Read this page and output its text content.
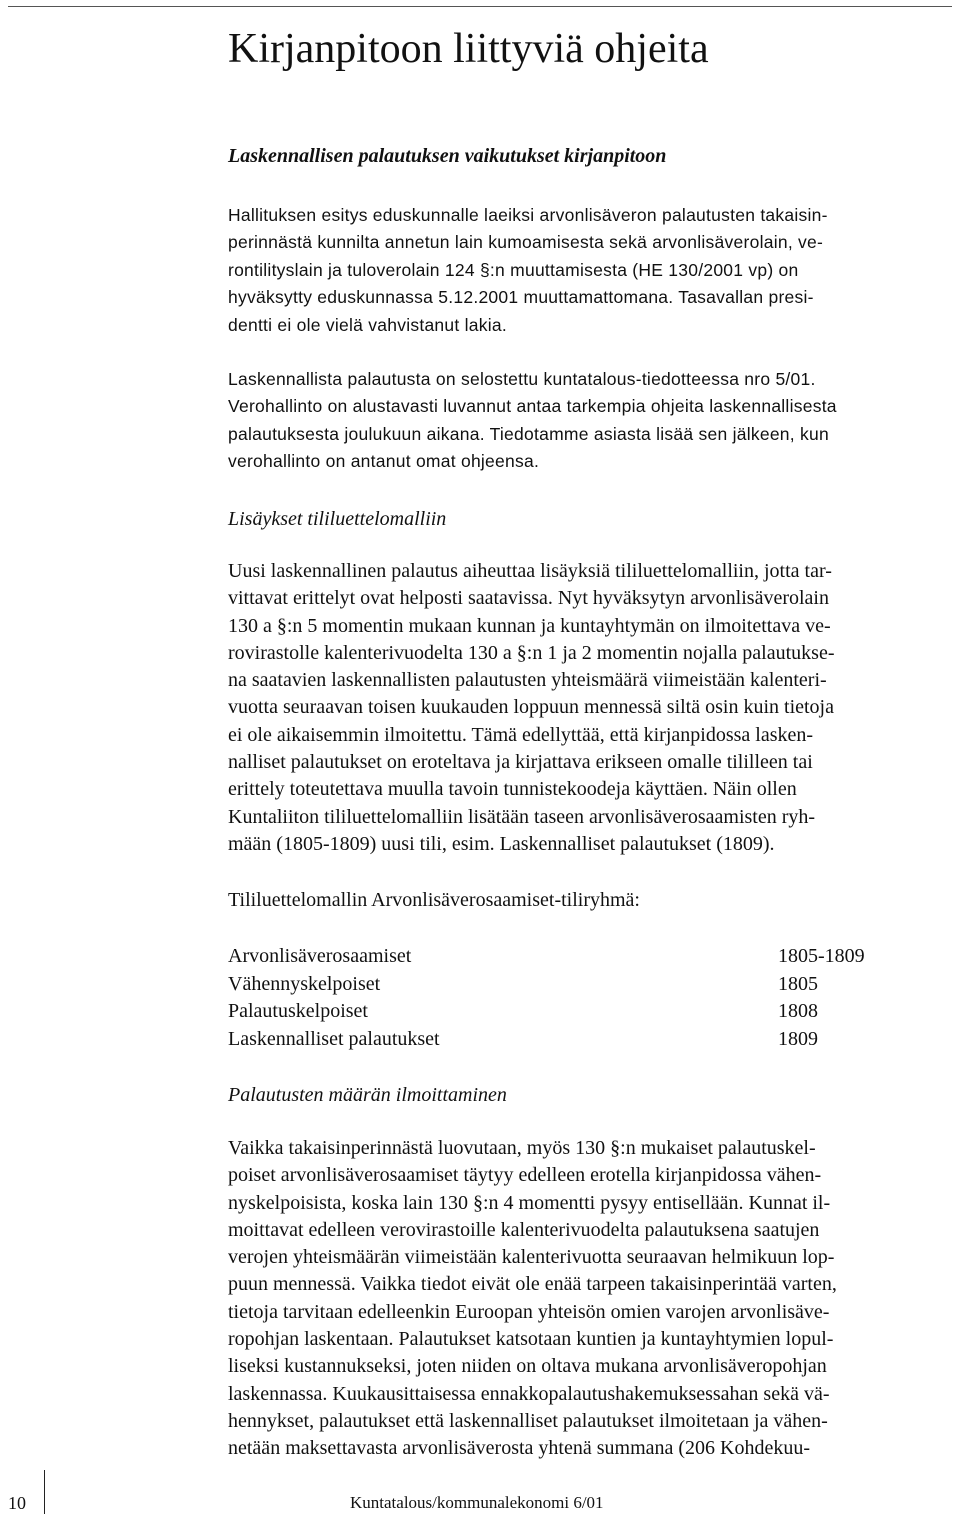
Kirjanpitoon liittyviä ohjeita
Laskennallisen palautuksen vaikutukset kirjanpitoon

Hallituksen esitys eduskunnalle laeiksi arvonlisäveron palautusten takaisin-
perinnästä kunnilta annetun lain kumoamisesta sekä arvonlisäverolain, ve-
rontilityslain ja tuloverolain 124 §:n muuttamisesta (HE 130/2001 vp) on
hyväksytty eduskunnassa 5.12.2001 muuttamattomana. Tasavallan presi-
dentti ei ole vielä vahvistanut lakia.

Laskennallista palautusta on selostettu kuntatalous-tiedotteessa nro 5/01.
Verohallinto on alustavasti luvannut antaa tarkempia ohjeita laskennallisesta
palautuksesta joulukuun aikana. Tiedotamme asiasta lisää sen jälkeen, kun
verohallinto on antanut omat ohjeensa.

Lisäykset tililuettelomalliin

Uusi laskennallinen palautus aiheuttaa lisäyksiä tililuettelomalliin, jotta tar-
vittavat erittelyt ovat helposti saatavissa. Nyt hyväksytyn arvonlisäverolain
130 a §:n 5 momentin mukaan kunnan ja kuntayhtymän on ilmoitettava ve-
rovirastolle kalenterivuodelta 130 a §:n 1 ja 2 momentin nojalla palautukse-
na saatavien laskennallisten palautusten yhteismäärä viimeistään kalenteri-
vuotta seuraavan toisen kuukauden loppuun mennessä siltä osin kuin tietoja
ei ole aikaisemmin ilmoitettu. Tämä edellyttää, että kirjanpidossa lasken-
nalliset palautukset on eroteltava ja kirjattava erikseen omalle tililleen tai
erittely toteutettava muulla tavoin tunnistekoodeja käyttäen. Näin ollen
Kuntaliiton tililuettelomalliin lisätään taseen arvonlisäverosaamisten ryh-
mään (1805-1809) uusi tili, esim. Laskennalliset palautukset (1809).

Tililuettelomallin Arvonlisäverosaamiset-tiliryhmä:

Arvonlisäverosaamiset	1805-1809
Vähennyskelpoiset	1805
Palautuskelpoiset	1808
Laskennalliset palautukset	1809
Palautusten määrän ilmoittaminen

Vaikka takaisinperinnästä luovutaan, myös 130 §:n mukaiset palautuskel-
poiset arvonlisäverosaamiset täytyy edelleen erotella kirjanpidossa vähen-
nyskelpoisista, koska lain 130 §:n 4 momentti pysyy entisellään. Kunnat il-
moittavat edelleen verovirastoille kalenterivuodelta palautuksena saatujen
verojen yhteismäärän viimeistään kalenterivuotta seuraavan helmikuun lop-
puun mennessä. Vaikka tiedot eivät ole enää tarpeen takaisinperintää varten,
tietoja tarvitaan edelleenkin Euroopan yhteisön omien varojen arvonlisäve-
ropohjan laskentaan. Palautukset katsotaan kuntien ja kuntayhtymien lopul-
liseksi kustannukseksi, joten niiden on oltava mukana arvonlisäveropohjan
laskennassa. Kuukausittaisessa ennakkopalautushakemuksessahan sekä vä-
hennykset, palautukset että laskennalliset palautukset ilmoitetaan ja vähen-
netään maksettavasta arvonlisäverosta yhtenä summana (206 Kohdekuu-

10	Kuntatalous/kommunalekonomi 6/01
